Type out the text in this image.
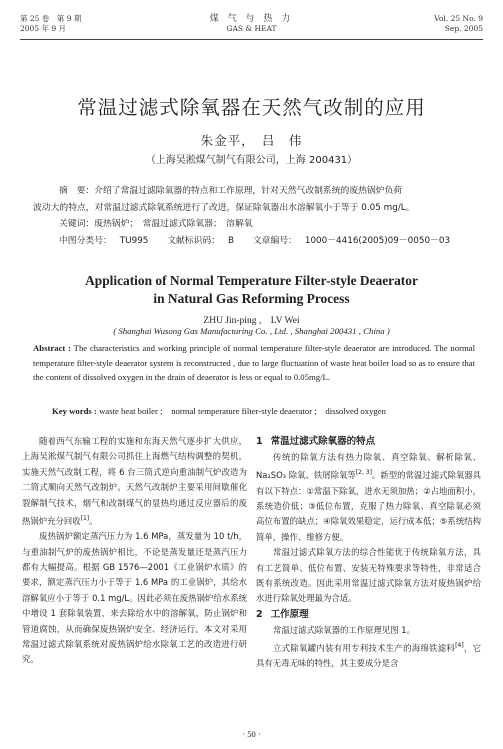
第 25 卷　第 9 期
2005 年 9 月
煤 气 与 热 力
GAS & HEAT
Vol. 25 No. 9
Sep. 2005
常温过滤式除氧器在天然气改制的应用
朱金平，　吕　伟
（上海吴淞煤气制气有限公司，上海 200431）

摘　要：介绍了常温过滤除氧器的特点和工作原理，针对天然气改制系统的废热锅炉负荷

波动大的特点，对常温过滤式除氧系统进行了改进，保证除氧器出水溶解氧小于等于 0.05 mg/L。

关键词：废热锅炉；　常温过滤式除氧器；　溶解氧

中图分类号： TU995 文献标识码： B 文章编号： 1000－4416(2005)09－0050－03

Application of Normal Temperature Filter-style Deaerator
in Natural Gas Reforming Process
ZHU Jin-ping ,　LV Wei
( Shanghai Wusong Gas Manufacturing Co. , Ltd. , Shanghai 200431 , China )
Abstract : The characteristics and working principle of normal temperature filter-style deaerator are introduced. The normal temperature filter-style deaerator system is reconstructed , due to large fluctuation of waste heat boiler load so as to ensure that the content of dissolved oxygen in the drain of deaerator is less or equal to 0.05mg/L.
Key words : waste heat boiler ;　normal temperature filter-style deaerator ;　dissolved oxygen

随着西气东输工程的实施和东海天然气逐步扩大供应，上海吴淞煤气制气有限公司抓住上海燃气结构调整的契机，实施天然气改制工程，将 6 台三筒式逆向重油制气炉改造为二筒式顺向天然气改制炉。天然气改制炉主要采用间歇催化裂解制气技术，烟气和改制煤气的显热均通过反应器后的废热锅炉充分回收[1]。

废热锅炉额定蒸汽压力为 1.6 MPa，蒸发量为 10 t/h，与重油制气炉的废热锅炉相比，不论是蒸发量还是蒸汽压力都有大幅提高。根据 GB 1576—2001《工业锅炉水质》的要求，额定蒸汽压力小于等于 1.6 MPa 的工业锅炉，其给水溶解氧应小于等于 0.1 mg/L。因此必须在废热锅炉给水系统中增设 1 套除氧装置，来去除给水中的溶解氧，防止锅炉和管道腐蚀，从而确保废热锅炉安全、经济运行。本文对采用常温过滤式除氧系统对废热锅炉给水除氧工艺的改造进行研究。

1 常温过滤式除氧器的特点

传统的除氧方法有热力除氧、真空除氧、解析除氧、Na₂SO₃ 除氧、铁屑除氧等[2, 3]。新型的常温过滤式除氧器具有以下特点：①常温下除氧，进水无须加热；②占地面积小，系统造价低；③低位布置，克服了热力除氧、真空除氧必须高位布置的缺点；④除氧效果稳定，运行成本低；⑤系统结构简单，操作、维修方便。

常温过滤式除氧方法的综合性能优于传统除氧方法，具有工艺简单、低位布置、安装无特殊要求等特性，非常适合既有系统改造。因此采用常温过滤式除氧方法对废热锅炉给水进行除氧处理最为合适。

2 工作原理

常温过滤式除氧器的工作原理见图 1。

立式除氧罐内装有用专利技术生产的海绵铁滤料[4]，它具有无毒无味的特性，其主要成分是含

· 50 ·
